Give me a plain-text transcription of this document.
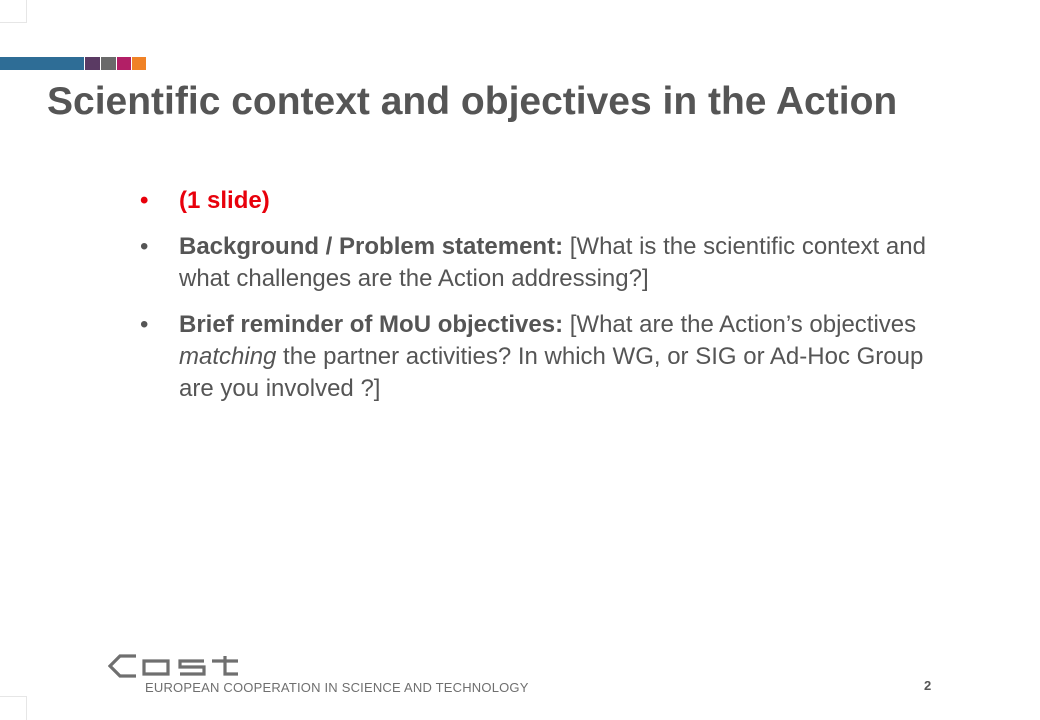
Scientific context and objectives in the Action
• (1 slide)
• Background / Problem statement: [What is the scientific context and what challenges are the Action addressing?]
• Brief reminder of MoU objectives: [What are the Action’s objectives matching the partner activities? In which WG, or SIG or Ad-Hoc Group are you involved ?]
EUROPEAN COOPERATION IN SCIENCE AND TECHNOLOGY	2
